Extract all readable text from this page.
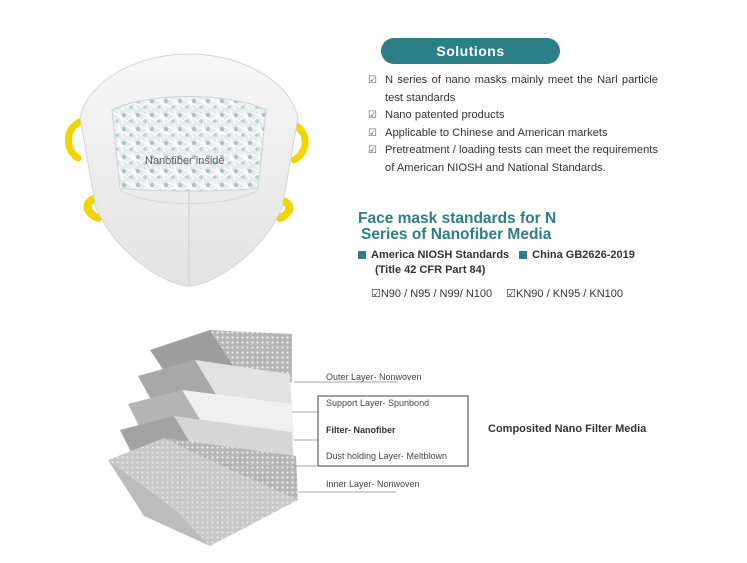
Nanofiber inside
Solutions
☑ N series of nano masks mainly meet the Narl particle test standards
☑ Nano patented products
☑ Applicable to Chinese and American markets
☑ Pretreatment / loading tests can meet the requirements of American NIOSH and National Standards.
Face mask standards for N
Series of Nanofiber Media
America NIOSH Standards China GB2626-2019
(Title 42 CFR Part 84)
☑N90 / N95 / N99/ N100 ☑KN90 / KN95 / KN100
Outer Layer- Nonwoven
Support Layer- Spunbond
Filter- Nanofiber
Dust holding Layer- Meltblown
Inner Layer- Nonwoven
Composited Nano Filter Media
